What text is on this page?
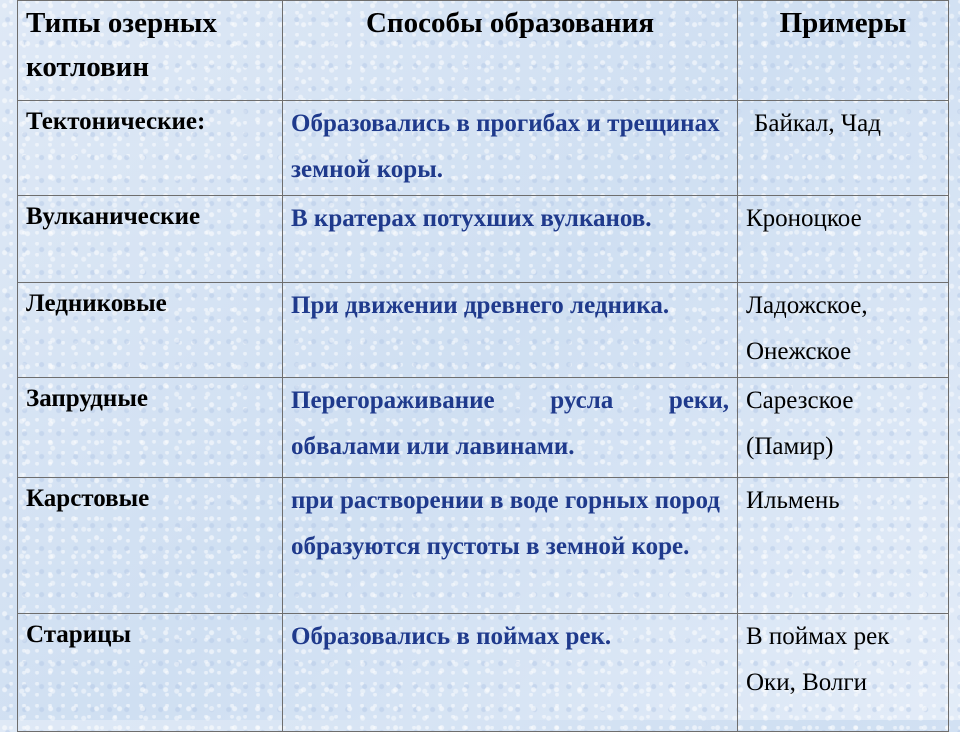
Типы озерных котловин	Способы образования	Примеры
Тектонические:	Образовались в прогибах и трещинах земной коры.	Байкал, Чад
Вулканические	В кратерах потухших вулканов.	Кроноцкое
Ледниковые	При движении древнего ледника.	Ладожское, Онежское
Запрудные	Перегораживание русла реки, обвалами или лавинами.	Сарезское (Памир)
Карстовые	при растворении в воде горных пород образуются пустоты в земной коре.	Ильмень
Старицы	Образовались в поймах рек.	В поймах рек Оки, Волги
